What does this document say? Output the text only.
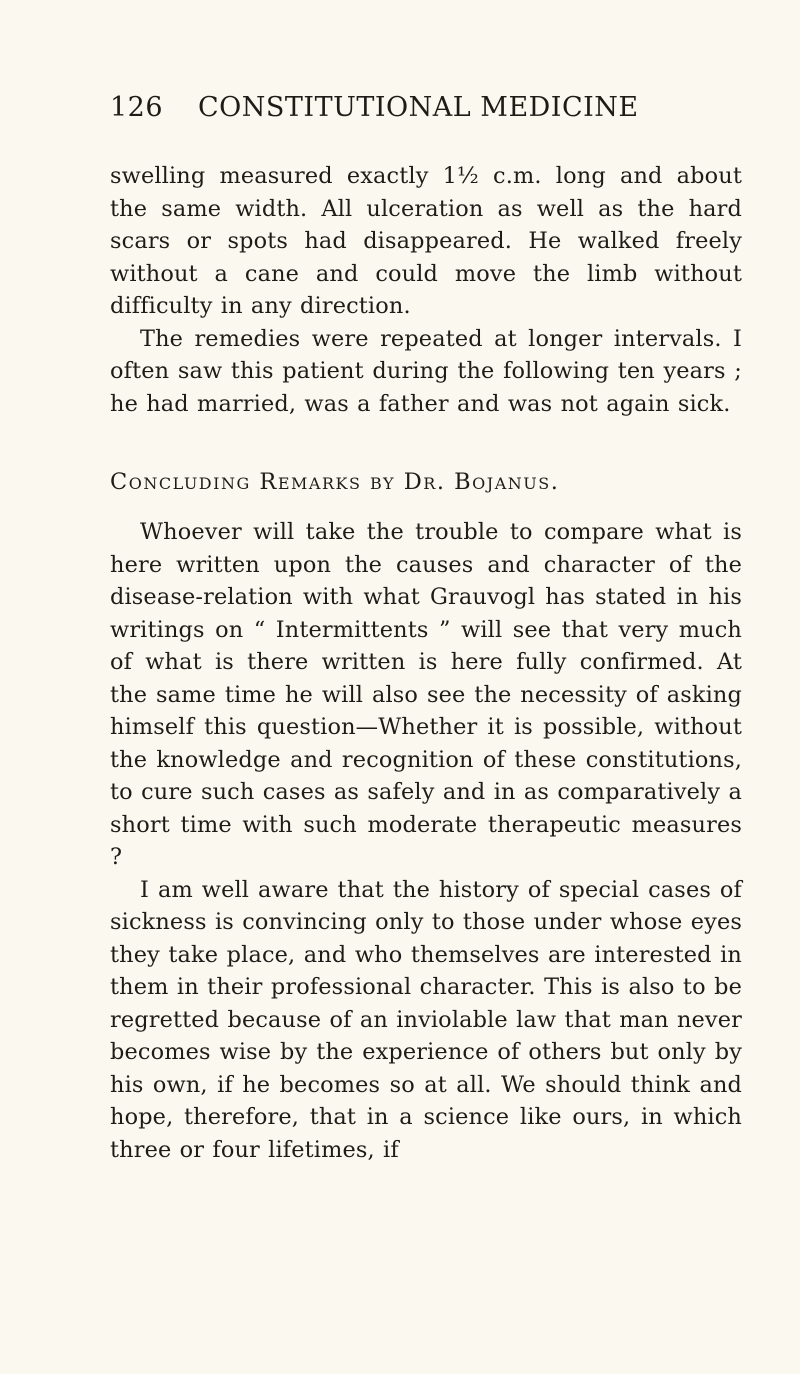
126	CONSTITUTIONAL MEDICINE

swelling measured exactly 1½ c.m. long and about the same width. All ulceration as well as the hard scars or spots had disappeared. He walked freely without a cane and could move the limb without difficulty in any direction.

The remedies were repeated at longer intervals. I often saw this patient during the following ten years ; he had married, was a father and was not again sick.

Concluding Remarks by Dr. Bojanus.

Whoever will take the trouble to compare what is here written upon the causes and character of the disease-relation with what Grauvogl has stated in his writings on “ Intermittents ” will see that very much of what is there written is here fully confirmed. At the same time he will also see the necessity of asking himself this question—Whether it is possible, without the knowledge and recognition of these constitutions, to cure such cases as safely and in as comparatively a short time with such moderate therapeutic measures ?

I am well aware that the history of special cases of sickness is convincing only to those under whose eyes they take place, and who themselves are interested in them in their professional character. This is also to be regretted because of an inviolable law that man never becomes wise by the experience of others but only by his own, if he becomes so at all. We should think and hope, therefore, that in a science like ours, in which three or four lifetimes, if
